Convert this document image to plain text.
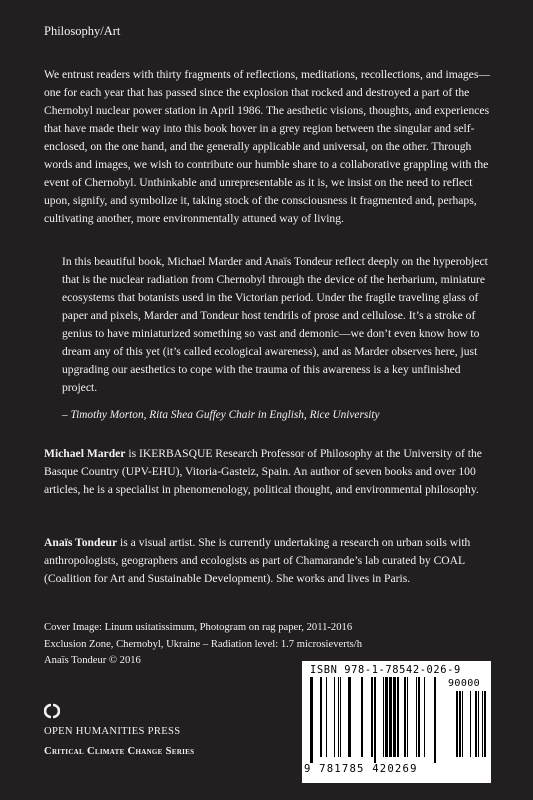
Philosophy/Art

We entrust readers with thirty fragments of reflections, meditations, recollections, and images—one for each year that has passed since the explosion that rocked and destroyed a part of the Chernobyl nuclear power station in April 1986. The aesthetic visions, thoughts, and experiences that have made their way into this book hover in a grey region between the singular and self-enclosed, on the one hand, and the generally applicable and universal, on the other. Through words and images, we wish to contribute our humble share to a collaborative grappling with the event of Chernobyl. Unthinkable and unrepresentable as it is, we insist on the need to reflect upon, signify, and symbolize it, taking stock of the consciousness it fragmented and, perhaps, cultivating another, more environmentally attuned way of living.

In this beautiful book, Michael Marder and Anaïs Tondeur reflect deeply on the hyperobject that is the nuclear radiation from Chernobyl through the device of the herbarium, miniature ecosystems that botanists used in the Victorian period. Under the fragile traveling glass of paper and pixels, Marder and Tondeur host tendrils of prose and cellulose. It’s a stroke of genius to have miniaturized something so vast and demonic—we don’t even know how to dream any of this yet (it’s called ecological awareness), and as Marder observes here, just upgrading our aesthetics to cope with the trauma of this awareness is a key unfinished project.

– Timothy Morton, Rita Shea Guffey Chair in English, Rice University

Michael Marder is IKERBASQUE Research Professor of Philosophy at the University of the Basque Country (UPV-EHU), Vitoria-Gasteiz, Spain. An author of seven books and over 100 articles, he is a specialist in phenomenology, political thought, and environmental philosophy.

Anaïs Tondeur is a visual artist. She is currently undertaking a research on urban soils with anthropologists, geographers and ecologists as part of Chamarande’s lab curated by COAL (Coalition for Art and Sustainable Development). She works and lives in Paris.

Cover Image: Linum usitatissimum, Photogram on rag paper, 2011-2016
Exclusion Zone, Chernobyl, Ukraine – Radiation level: 1.7 microsieverts/h
Anaïs Tondeur © 2016
OPEN HUMANITIES PRESS
Critical Climate Change Series
ISBN 978-1-78542-026-9
90000
9 781785 420269
